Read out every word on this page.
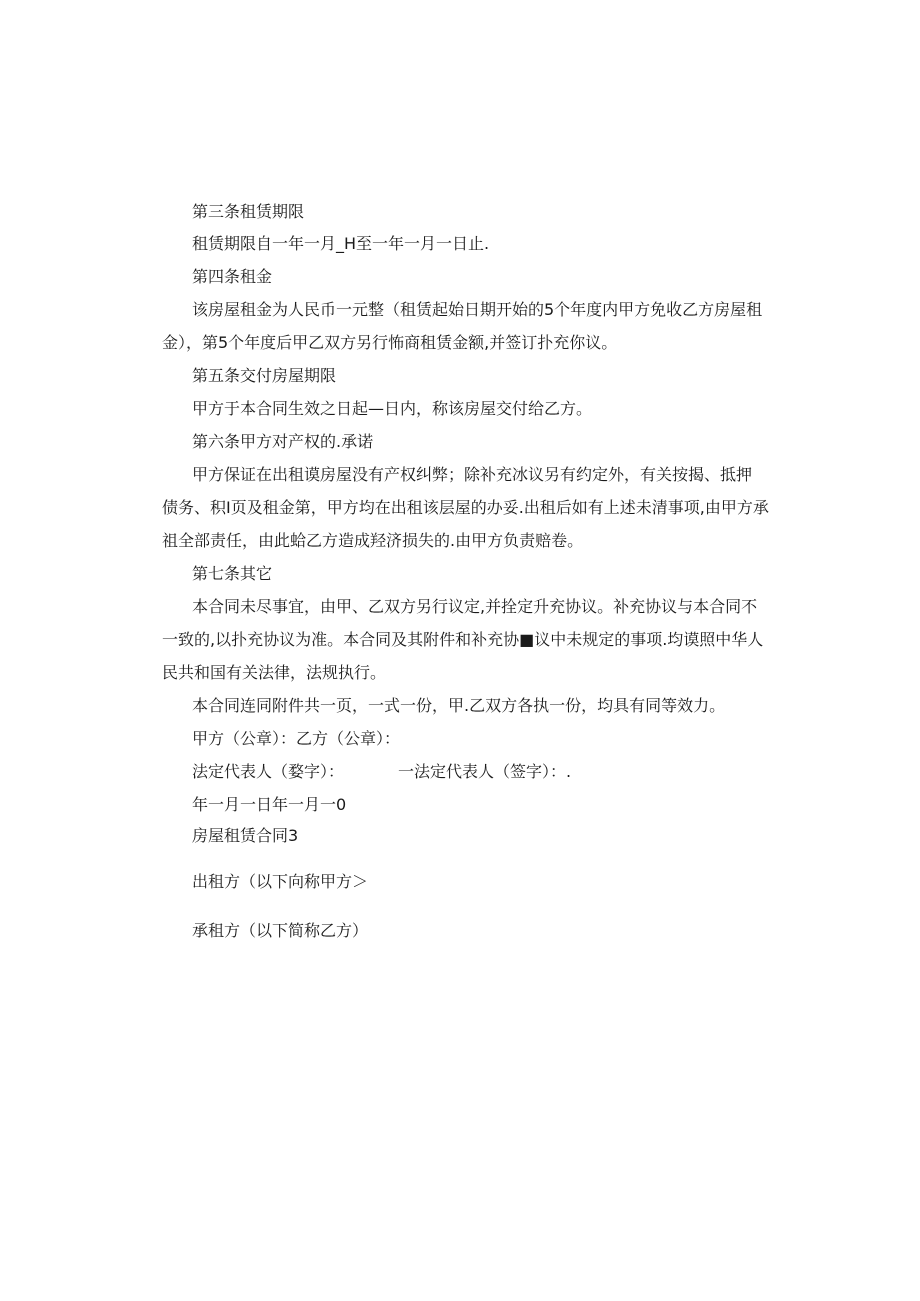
第三条租赁期限
租赁期限自一年一月_H至一年一月一日止.
第四条租金
该房屋租金为人民币一元整（租赁起始日期开始的5个年度内甲方免收乙方房屋租
金），第5个年度后甲乙双方另行怖商租赁金额,并签订扑充你议。
第五条交付房屋期限
甲方于本合同生效之日起—日内，称该房屋交付给乙方。
第六条甲方对产权的.承诺
甲方保证在出租谟房屋没有产权纠弊；除补充冰议另有约定外，有关按揭、抵押
债务、积I页及租金第，甲方均在出租该层屋的办妥.出租后如有上述未清事项,由甲方承
祖全部责任，由此蛤乙方造成羟济损失的.由甲方负责赔卷。
第七条其它
本合同未尽事宜，由甲、乙双方另行议定,并拴定升充协议。补充协议与本合同不
一致的,以扑充协议为准。本合同及其附件和补充协■议中未规定的事项.均谟照中华人
民共和国有关法律，法规执行。
本合同连同附件共一页，一式一份，甲.乙双方各执一份，均具有同等效力。
甲方（公章）：乙方（公章）：
法定代表人（婺字）：	一法定代表人（签字）：.
年一月一日年一月一0
房屋租赁合同3
出租方（以下向称甲方＞
承租方（以下简称乙方）
